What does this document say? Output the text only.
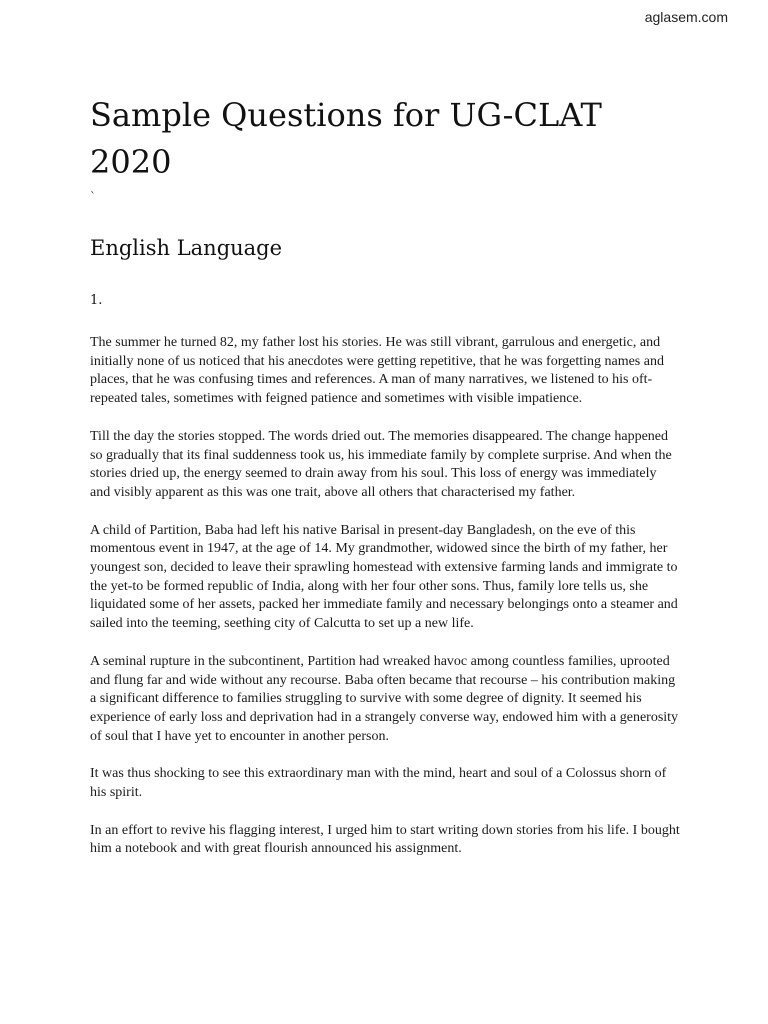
aglasem.com
Sample Questions for UG-CLAT 2020
`
English Language
1.

The summer he turned 82, my father lost his stories. He was still vibrant, garrulous and energetic, and initially none of us noticed that his anecdotes were getting repetitive, that he was forgetting names and places, that he was confusing times and references. A man of many narratives, we listened to his oft-repeated tales, sometimes with feigned patience and sometimes with visible impatience.

Till the day the stories stopped. The words dried out. The memories disappeared. The change happened so gradually that its final suddenness took us, his immediate family by complete surprise. And when the stories dried up, the energy seemed to drain away from his soul. This loss of energy was immediately and visibly apparent as this was one trait, above all others that characterised my father.

A child of Partition, Baba had left his native Barisal in present-day Bangladesh, on the eve of this momentous event in 1947, at the age of 14. My grandmother, widowed since the birth of my father, her youngest son, decided to leave their sprawling homestead with extensive farming lands and immigrate to the yet-to be formed republic of India, along with her four other sons. Thus, family lore tells us, she liquidated some of her assets, packed her immediate family and necessary belongings onto a steamer and sailed into the teeming, seething city of Calcutta to set up a new life.

A seminal rupture in the subcontinent, Partition had wreaked havoc among countless families, uprooted and flung far and wide without any recourse. Baba often became that recourse – his contribution making a significant difference to families struggling to survive with some degree of dignity. It seemed his experience of early loss and deprivation had in a strangely converse way, endowed him with a generosity of soul that I have yet to encounter in another person.

It was thus shocking to see this extraordinary man with the mind, heart and soul of a Colossus shorn of his spirit.

In an effort to revive his flagging interest, I urged him to start writing down stories from his life. I bought him a notebook and with great flourish announced his assignment.
